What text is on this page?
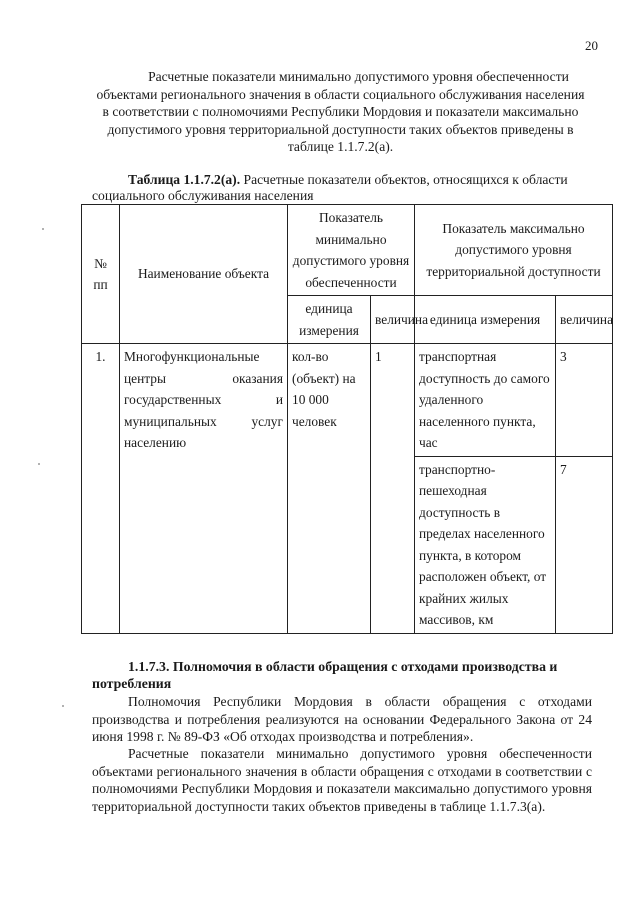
20

Расчетные показатели минимально допустимого уровня обеспеченности объектами регионального значения в области социального обслуживания населения в соответствии с полномочиями Республики Мордовия и показатели максимально допустимого уровня территориальной доступности таких объектов приведены в таблице 1.1.7.2(а).

Таблица 1.1.7.2(а). Расчетные показатели объектов, относящихся к области социального обслуживания населения

№ пп	Наименование объекта	Показатель минимально допустимого уровня обеспеченности		Показатель максимально допустимого уровня территориальной доступности	
		единица измерения	величина	единица измерения	величина
1.	Многофункциональные центры оказания государственных и муниципальных услуг населению	кол-во (объект) на 10 000 человек	1	транспортная доступность до самого удаленного населенного пункта, час	3
				транспортно-пешеходная доступность в пределах населенного пункта, в котором расположен объект, от крайних жилых массивов, км	7

1.1.7.3. Полномочия в области обращения с отходами производства и потребления

Полномочия Республики Мордовия в области обращения с отходами производства и потребления реализуются на основании Федерального Закона от 24 июня 1998 г. № 89-ФЗ «Об отходах производства и потребления».

Расчетные показатели минимально допустимого уровня обеспеченности объектами регионального значения в области обращения с отходами в соответствии с полномочиями Республики Мордовия и показатели максимально допустимого уровня территориальной доступности таких объектов приведены в таблице 1.1.7.3(а).
